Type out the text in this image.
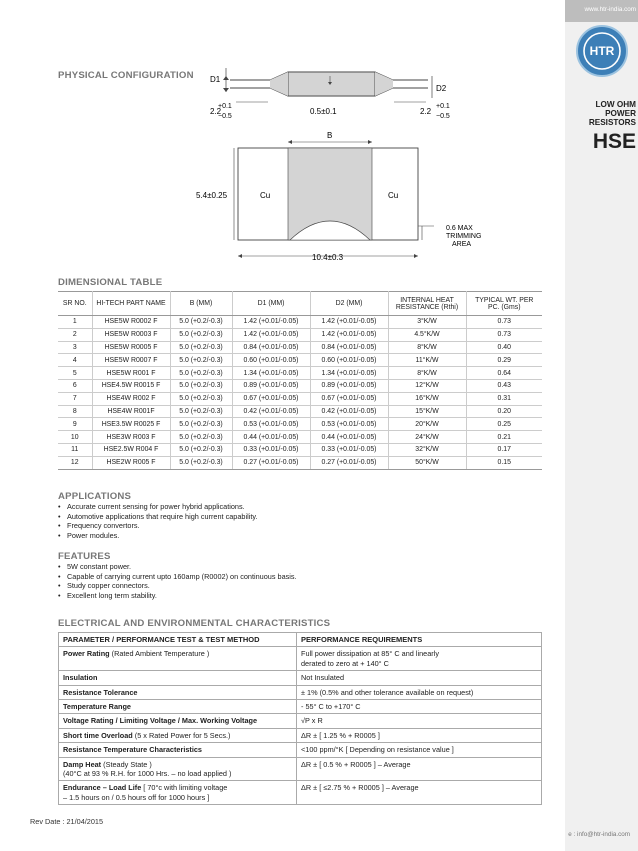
www.htr-india.com
HTR
LOW OHM
POWER
RESISTORS
HSE
PHYSICAL CONFIGURATION
2.2
+0.1
−0.5
0.5±0.1	2.2
+0.1
−0.5
D1
D2
B
Cu	Cu
5.4±0.25
0.6 MAX
TRIMMING
AREA
10.4±0.3
DIMENSIONAL TABLE
SR NO.	HI-TECH PART NAME	B (MM)	D1 (MM)	D2 (MM)	INTERNAL HEAT RESISTANCE (Rthi)	TYPICAL WT. PER PC. (Gms)
1	HSE5W R0002 F	5.0 (+0.2/-0.3)	1.42 (+0.01/-0.05)	1.42 (+0.01/-0.05)	3°K/W	0.73
2	HSE5W R0003 F	5.0 (+0.2/-0.3)	1.42 (+0.01/-0.05)	1.42 (+0.01/-0.05)	4.5°K/W	0.73
3	HSE5W R0005 F	5.0 (+0.2/-0.3)	0.84 (+0.01/-0.05)	0.84 (+0.01/-0.05)	8°K/W	0.40
4	HSE5W R0007 F	5.0 (+0.2/-0.3)	0.60 (+0.01/-0.05)	0.60 (+0.01/-0.05)	11°K/W	0.29
5	HSE5W R001 F	5.0 (+0.2/-0.3)	1.34 (+0.01/-0.05)	1.34 (+0.01/-0.05)	8°K/W	0.64
6	HSE4.5W R0015 F	5.0 (+0.2/-0.3)	0.89 (+0.01/-0.05)	0.89 (+0.01/-0.05)	12°K/W	0.43
7	HSE4W R002 F	5.0 (+0.2/-0.3)	0.67 (+0.01/-0.05)	0.67 (+0.01/-0.05)	16°K/W	0.31
8	HSE4W R001F	5.0 (+0.2/-0.3)	0.42 (+0.01/-0.05)	0.42 (+0.01/-0.05)	15°K/W	0.20
9	HSE3.5W R0025 F	5.0 (+0.2/-0.3)	0.53 (+0.01/-0.05)	0.53 (+0.01/-0.05)	20°K/W	0.25
10	HSE3W R003 F	5.0 (+0.2/-0.3)	0.44 (+0.01/-0.05)	0.44 (+0.01/-0.05)	24°K/W	0.21
11	HSE2.5W R004 F	5.0 (+0.2/-0.3)	0.33 (+0.01/-0.05)	0.33 (+0.01/-0.05)	32°K/W	0.17
12	HSE2W R005 F	5.0 (+0.2/-0.3)	0.27 (+0.01/-0.05)	0.27 (+0.01/-0.05)	50°K/W	0.15
APPLICATIONS
• Accurate current sensing for power hybrid applications.
• Automotive applications that require high current capability.
• Frequency convertors.
• Power modules.
FEATURES
• 5W constant power.
• Capable of carrying current upto 160amp (R0002) on continuous basis.
• Study copper connectors.
• Excellent long term stability.
ELECTRICAL AND ENVIRONMENTAL CHARACTERISTICS
PARAMETER / PERFORMANCE TEST & TEST METHOD	PERFORMANCE REQUIREMENTS
Power Rating (Rated Ambient Temperature )	Full power dissipation at 85° C and linearly
derated to zero at + 140° C
Insulation	Not Insulated
Resistance Tolerance	± 1% (0.5% and other tolerance available on request)
Temperature Range	- 55° C to +170° C
Voltage Rating / Limiting Voltage / Max. Working Voltage	√P x R
Short time Overload (5 x Rated Power for 5 Secs.)	ΔR ± [ 1.25 % + R0005 ]
Resistance Temperature Characteristics	<100 ppm/°K [ Depending on resistance value ]
Damp Heat (Steady State )
(40°C at 93 % R.H. for 1000 Hrs. – no load applied )	ΔR ± [ 0.5 % + R0005 ] – Average
Endurance – Load Life [ 70°c with limiting voltage
– 1.5 hours on / 0.5 hours off for 1000 hours ]	ΔR ± [ ≤2.75 % + R0005 ] – Average
Rev Date : 21/04/2015
e : info@htr-india.com
